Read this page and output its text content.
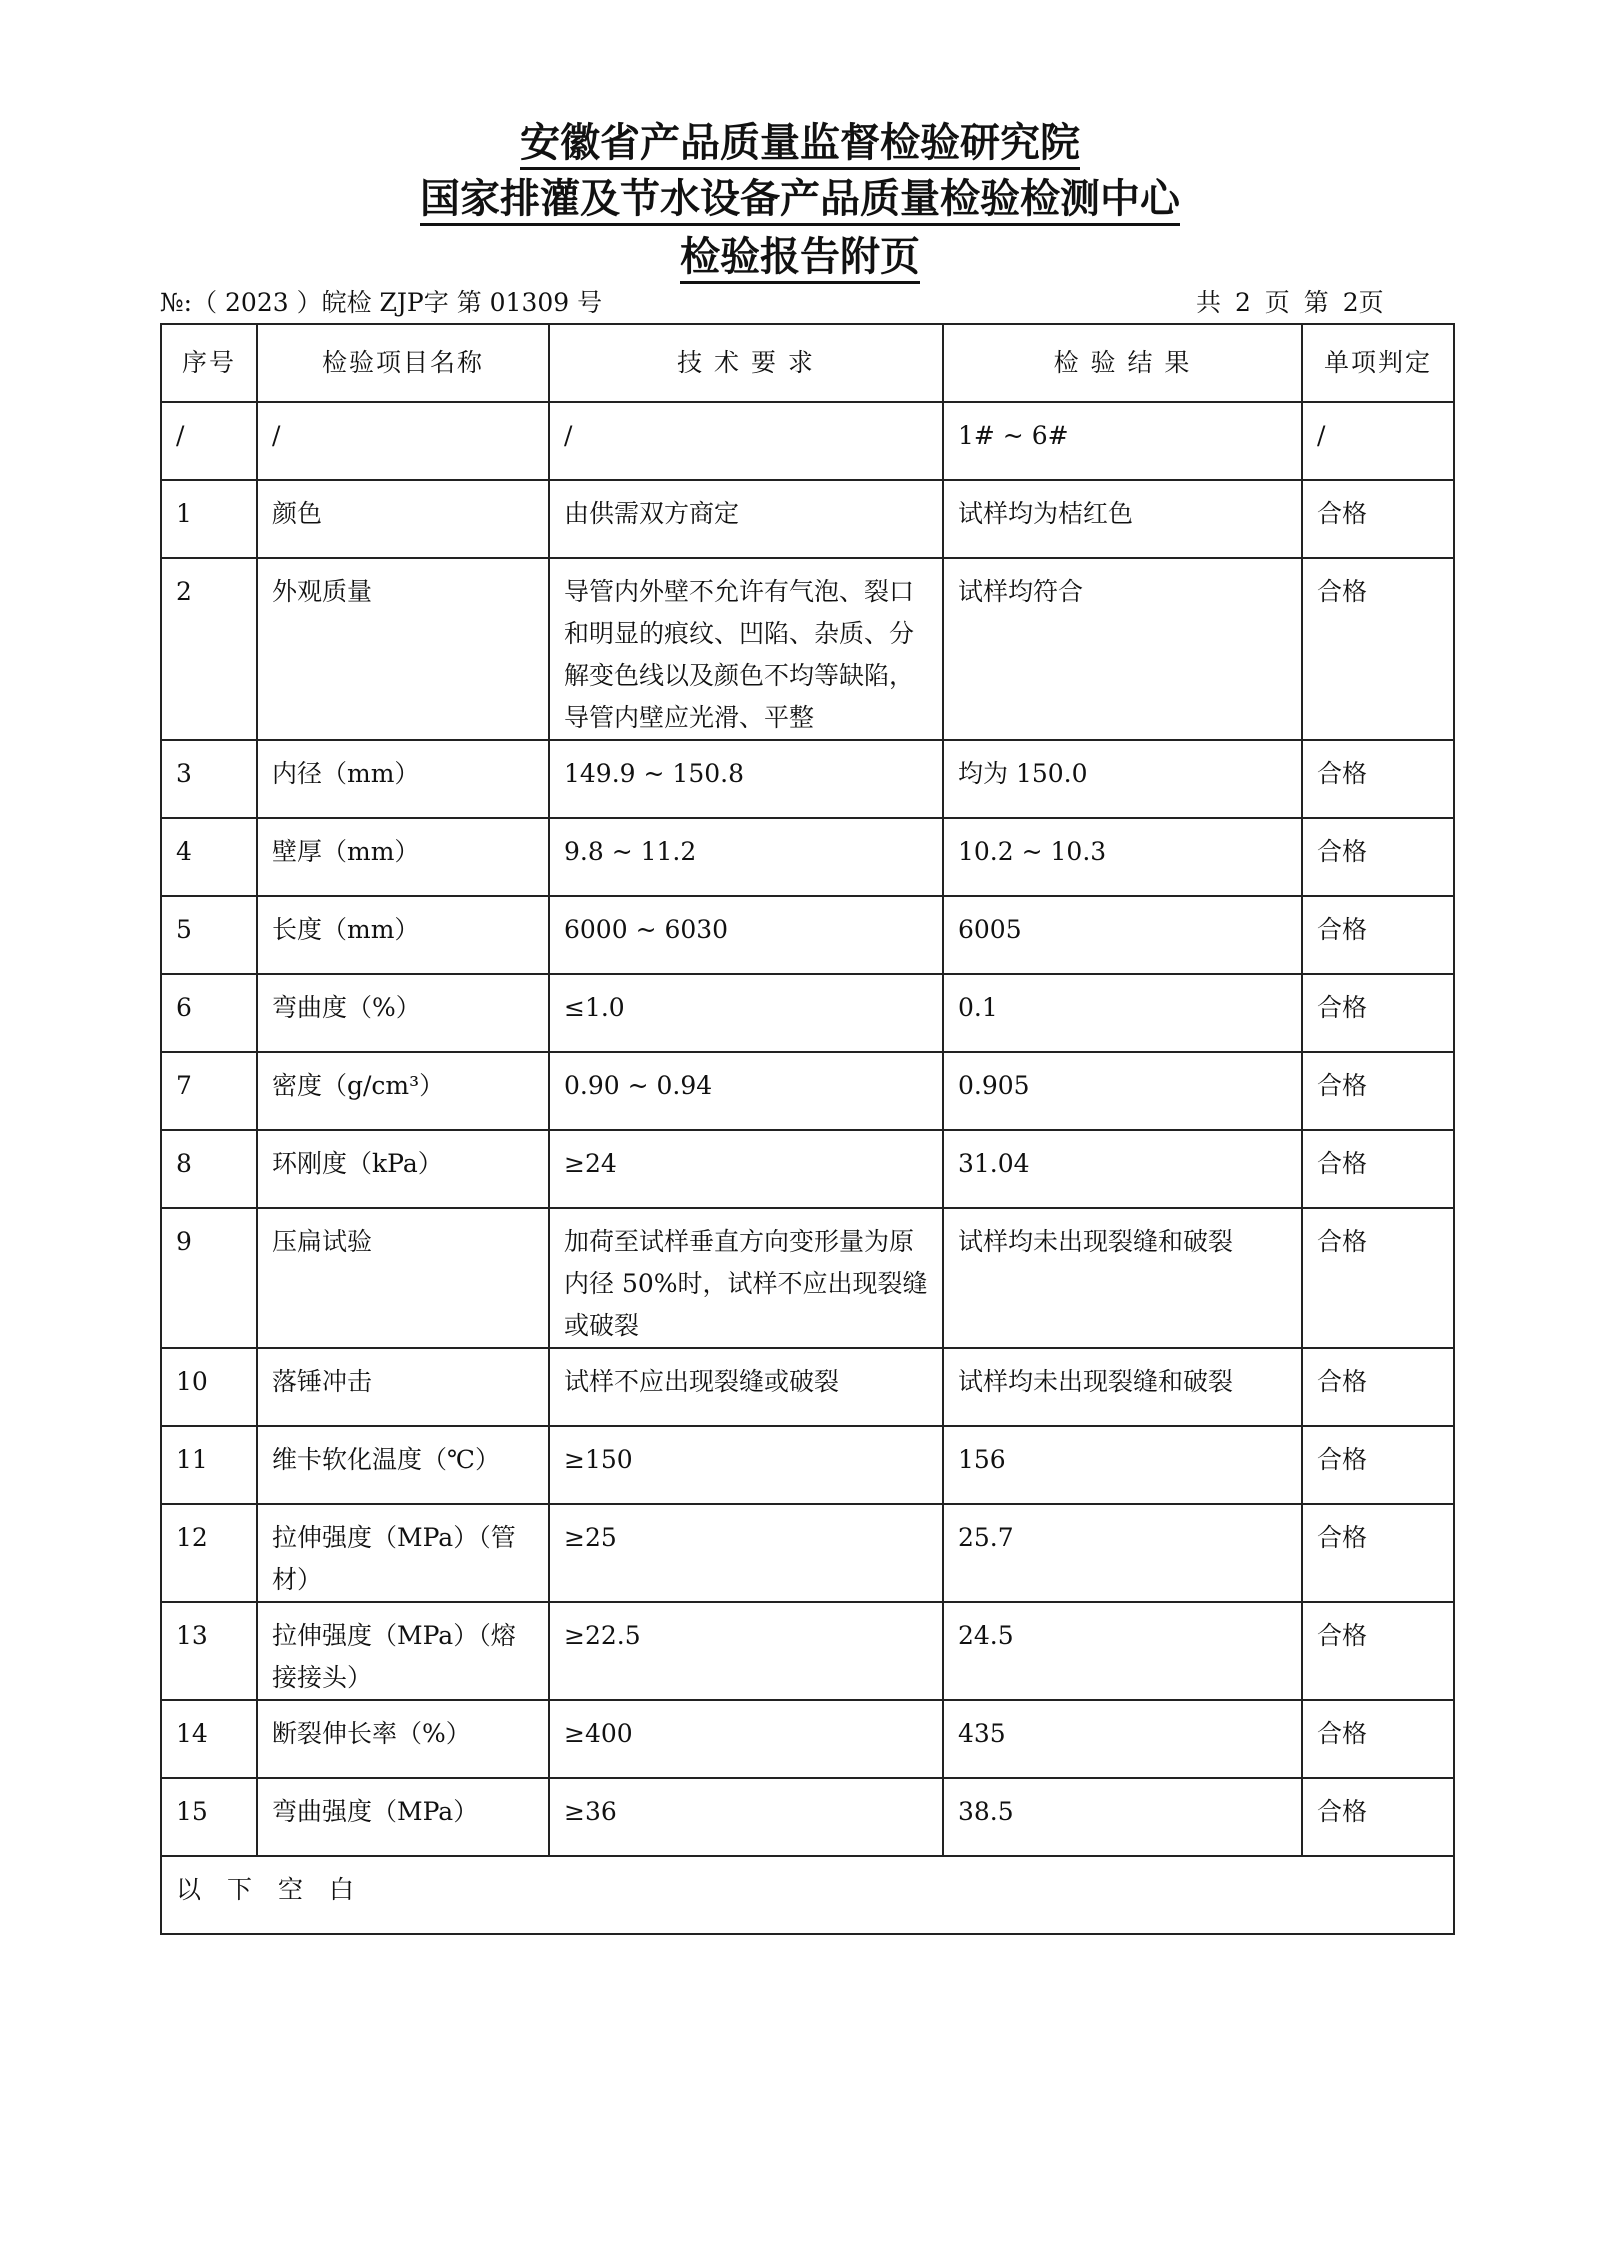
安徽省产品质量监督检验研究院
国家排灌及节水设备产品质量检验检测中心
检验报告附页
№:（ 2023 ）皖检 ZJP字 第 01309 号	共 2 页 第 2页
序号	检验项目名称	技 术 要 求	检 验 结 果	单项判定
/	/	/	1# ~ 6#	/
1	颜色	由供需双方商定	试样均为桔红色	合格
2	外观质量	导管内外壁不允许有气泡、裂口和明显的痕纹、凹陷、杂质、分解变色线以及颜色不均等缺陷，导管内壁应光滑、平整	试样均符合	合格
3	内径（mm）	149.9 ~ 150.8	均为 150.0	合格
4	壁厚（mm）	9.8 ~ 11.2	10.2 ~ 10.3	合格
5	长度（mm）	6000 ~ 6030	6005	合格
6	弯曲度（%）	≤1.0	0.1	合格
7	密度（g/cm³）	0.90 ~ 0.94	0.905	合格
8	环刚度（kPa）	≥24	31.04	合格
9	压扁试验	加荷至试样垂直方向变形量为原内径 50%时，试样不应出现裂缝或破裂	试样均未出现裂缝和破裂	合格
10	落锤冲击	试样不应出现裂缝或破裂	试样均未出现裂缝和破裂	合格
11	维卡软化温度（℃）	≥150	156	合格
12	拉伸强度（MPa）（管材）	≥25	25.7	合格
13	拉伸强度（MPa）（熔接接头）	≥22.5	24.5	合格
14	断裂伸长率（%）	≥400	435	合格
15	弯曲强度（MPa）	≥36	38.5	合格
以下空白				
